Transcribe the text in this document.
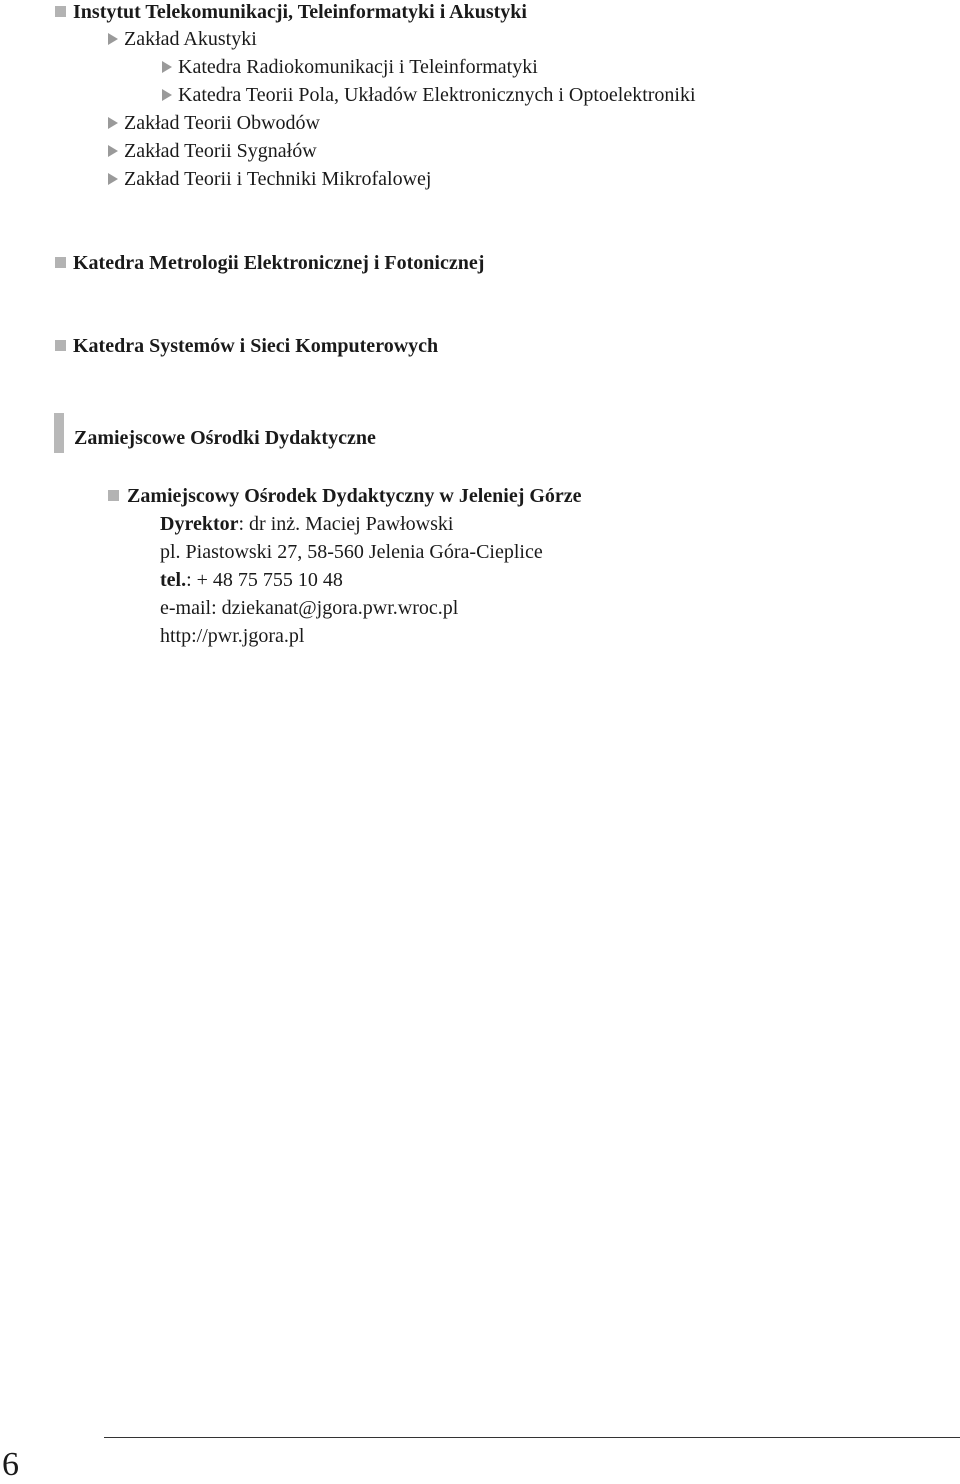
Instytut Telekomunikacji, Teleinformatyki i Akustyki
Zakład Akustyki
Katedra Radiokomunikacji i Teleinformatyki
Katedra Teorii Pola, Układów Elektronicznych i Optoelektroniki
Zakład Teorii Obwodów
Zakład Teorii Sygnałów
Zakład Teorii i Techniki Mikrofalowej
Katedra Metrologii Elektronicznej i Fotonicznej
Katedra Systemów i Sieci Komputerowych
Zamiejscowe Ośrodki Dydaktyczne
Zamiejscowy Ośrodek Dydaktyczny w Jeleniej Górze
Dyrektor: dr inż. Maciej Pawłowski
pl. Piastowski 27, 58-560 Jelenia Góra-Cieplice
tel.: + 48 75 755 10 48
e-mail: dziekanat@jgora.pwr.wroc.pl
http://pwr.jgora.pl
6
